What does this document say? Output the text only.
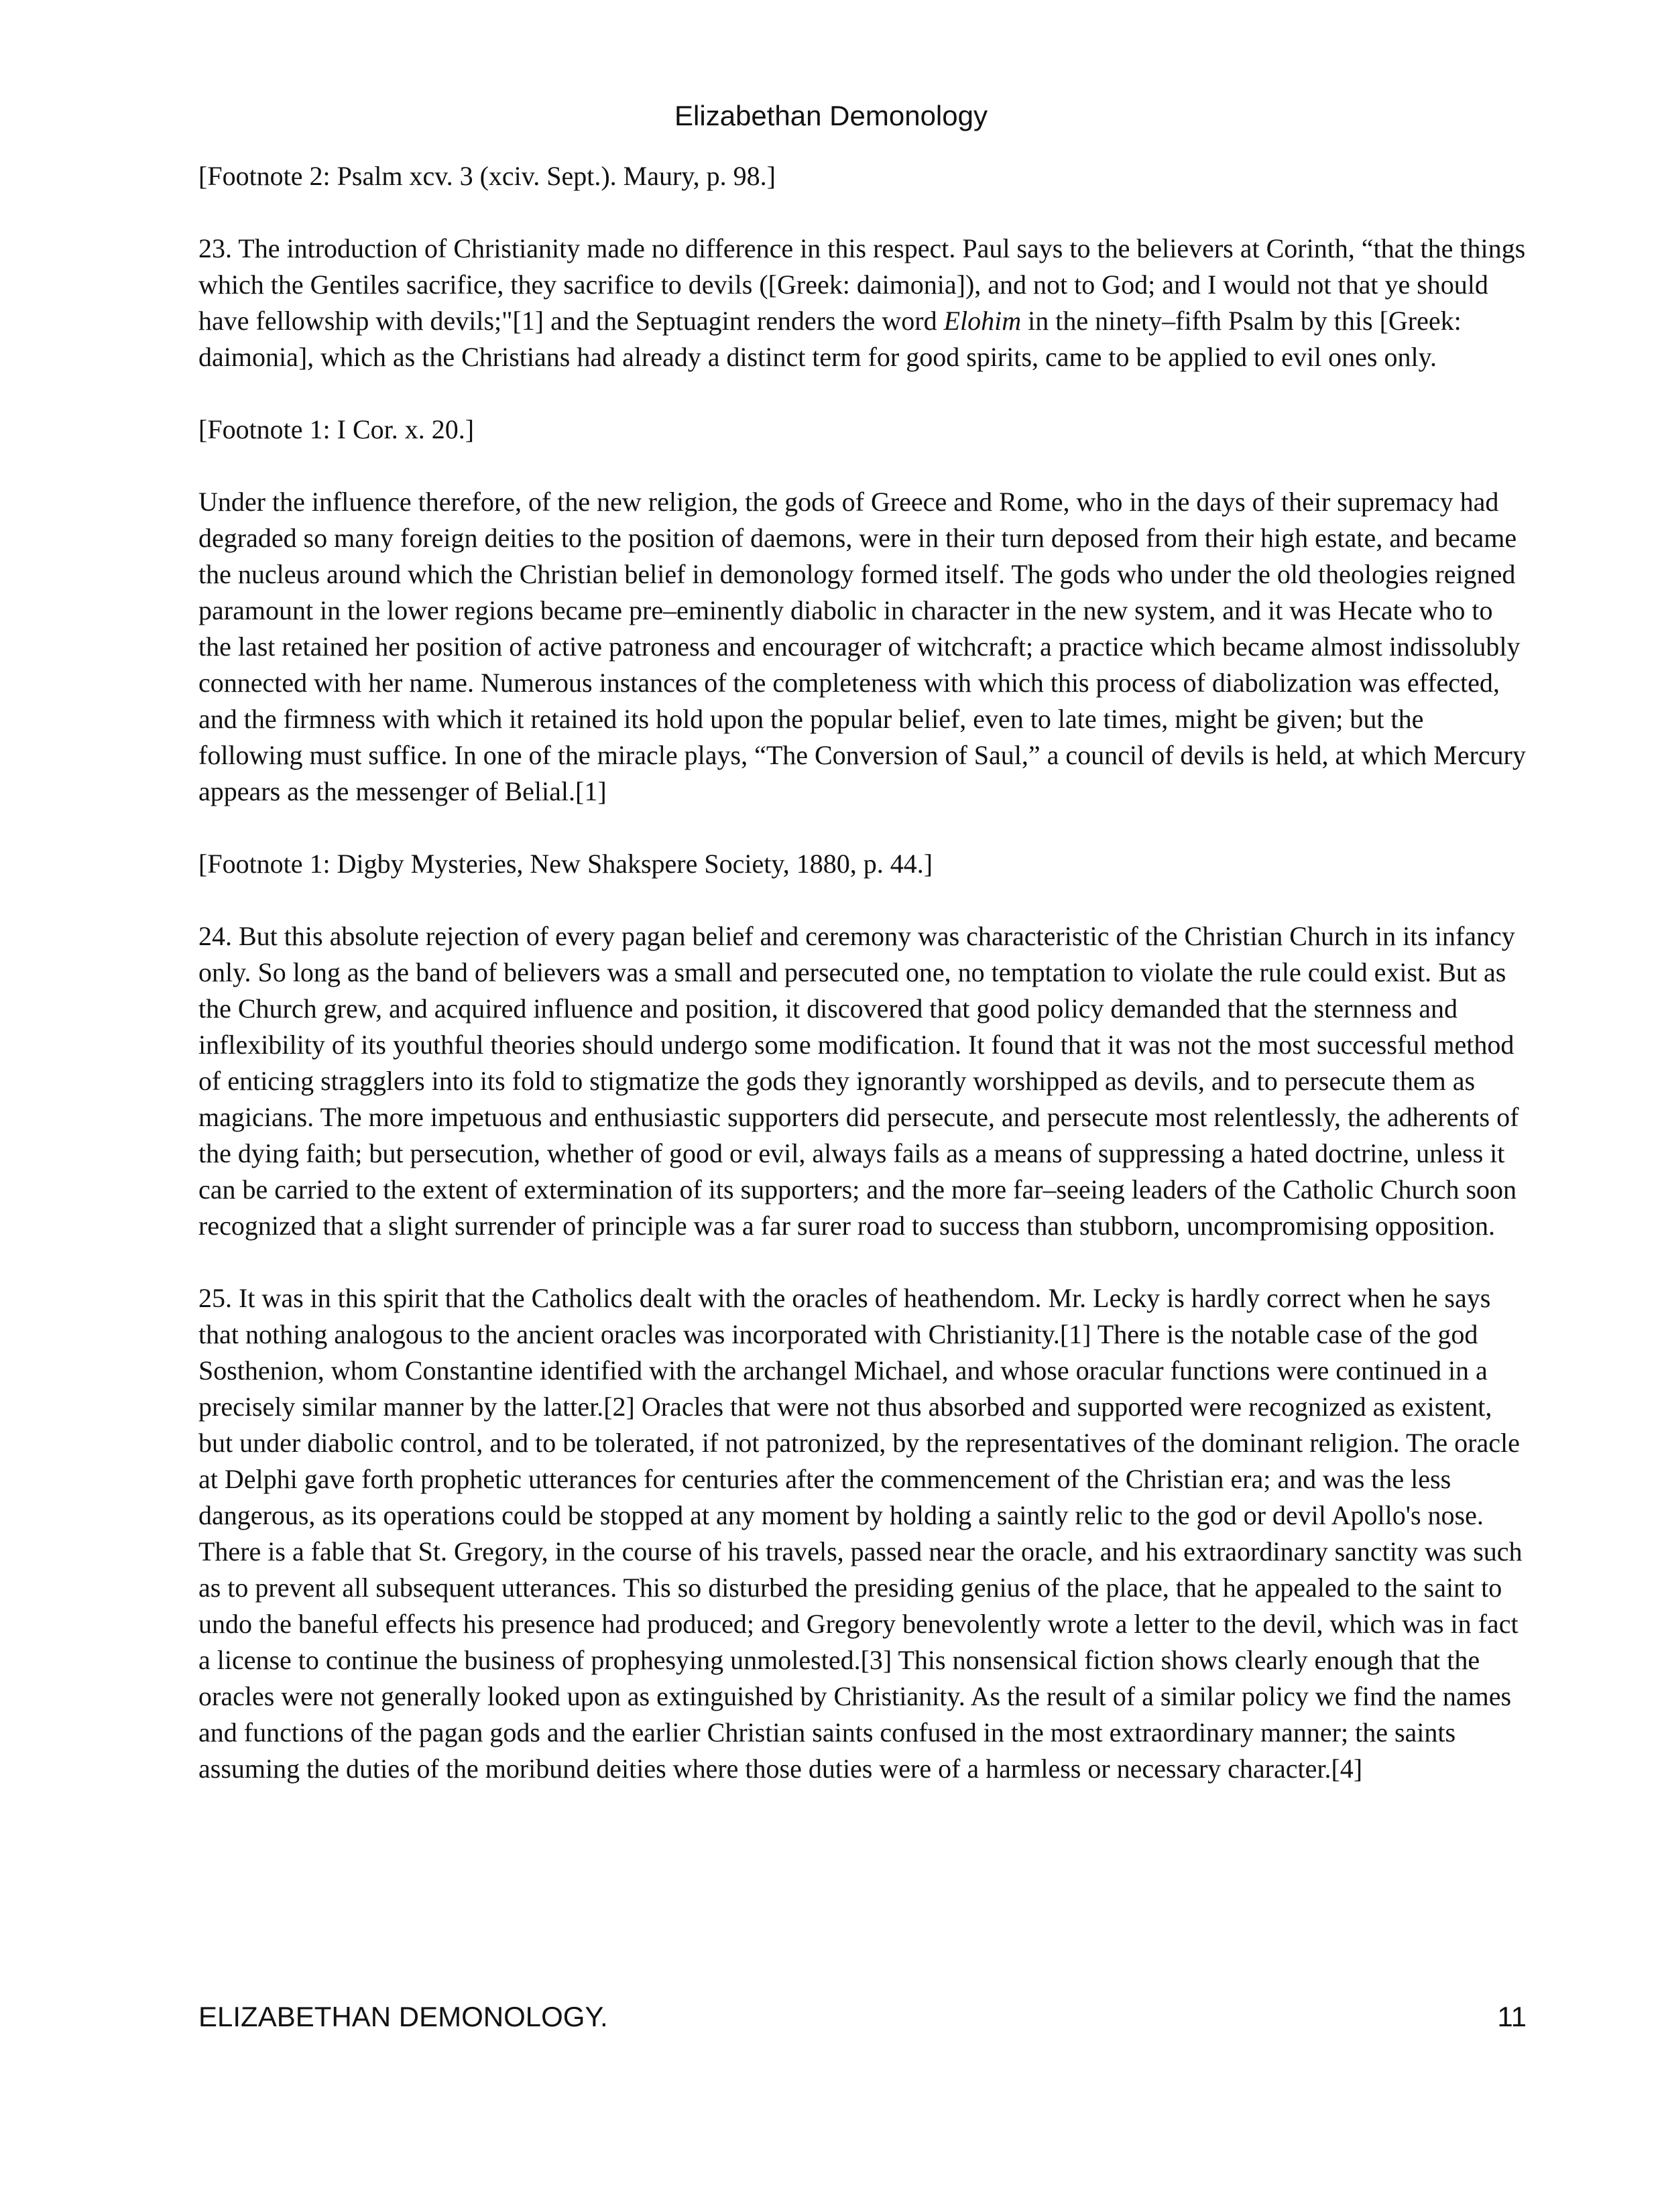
Elizabethan Demonology

[Footnote 2: Psalm xcv. 3 (xciv. Sept.). Maury, p. 98.]

23. The introduction of Christianity made no difference in this respect. Paul says to the believers at Corinth, “that the things which the Gentiles sacrifice, they sacrifice to devils ([Greek: daimonia]), and not to God; and I would not that ye should have fellowship with devils;"[1] and the Septuagint renders the word Elohim in the ninety–fifth Psalm by this [Greek: daimonia], which as the Christians had already a distinct term for good spirits, came to be applied to evil ones only.

[Footnote 1: I Cor. x. 20.]

Under the influence therefore, of the new religion, the gods of Greece and Rome, who in the days of their supremacy had degraded so many foreign deities to the position of daemons, were in their turn deposed from their high estate, and became the nucleus around which the Christian belief in demonology formed itself. The gods who under the old theologies reigned paramount in the lower regions became pre–eminently diabolic in character in the new system, and it was Hecate who to the last retained her position of active patroness and encourager of witchcraft; a practice which became almost indissolubly connected with her name. Numerous instances of the completeness with which this process of diabolization was effected, and the firmness with which it retained its hold upon the popular belief, even to late times, might be given; but the following must suffice. In one of the miracle plays, “The Conversion of Saul,” a council of devils is held, at which Mercury appears as the messenger of Belial.[1]

[Footnote 1: Digby Mysteries, New Shakspere Society, 1880, p. 44.]

24. But this absolute rejection of every pagan belief and ceremony was characteristic of the Christian Church in its infancy only. So long as the band of believers was a small and persecuted one, no temptation to violate the rule could exist. But as the Church grew, and acquired influence and position, it discovered that good policy demanded that the sternness and inflexibility of its youthful theories should undergo some modification. It found that it was not the most successful method of enticing stragglers into its fold to stigmatize the gods they ignorantly worshipped as devils, and to persecute them as magicians. The more impetuous and enthusiastic supporters did persecute, and persecute most relentlessly, the adherents of the dying faith; but persecution, whether of good or evil, always fails as a means of suppressing a hated doctrine, unless it can be carried to the extent of extermination of its supporters; and the more far–seeing leaders of the Catholic Church soon recognized that a slight surrender of principle was a far surer road to success than stubborn, uncompromising opposition.

25. It was in this spirit that the Catholics dealt with the oracles of heathendom. Mr. Lecky is hardly correct when he says that nothing analogous to the ancient oracles was incorporated with Christianity.[1] There is the notable case of the god Sosthenion, whom Constantine identified with the archangel Michael, and whose oracular functions were continued in a precisely similar manner by the latter.[2] Oracles that were not thus absorbed and supported were recognized as existent, but under diabolic control, and to be tolerated, if not patronized, by the representatives of the dominant religion. The oracle at Delphi gave forth prophetic utterances for centuries after the commencement of the Christian era; and was the less dangerous, as its operations could be stopped at any moment by holding a saintly relic to the god or devil Apollo's nose. There is a fable that St. Gregory, in the course of his travels, passed near the oracle, and his extraordinary sanctity was such as to prevent all subsequent utterances. This so disturbed the presiding genius of the place, that he appealed to the saint to undo the baneful effects his presence had produced; and Gregory benevolently wrote a letter to the devil, which was in fact a license to continue the business of prophesying unmolested.[3] This nonsensical fiction shows clearly enough that the oracles were not generally looked upon as extinguished by Christianity. As the result of a similar policy we find the names and functions of the pagan gods and the earlier Christian saints confused in the most extraordinary manner; the saints assuming the duties of the moribund deities where those duties were of a harmless or necessary character.[4]

ELIZABETHAN DEMONOLOGY.	11
